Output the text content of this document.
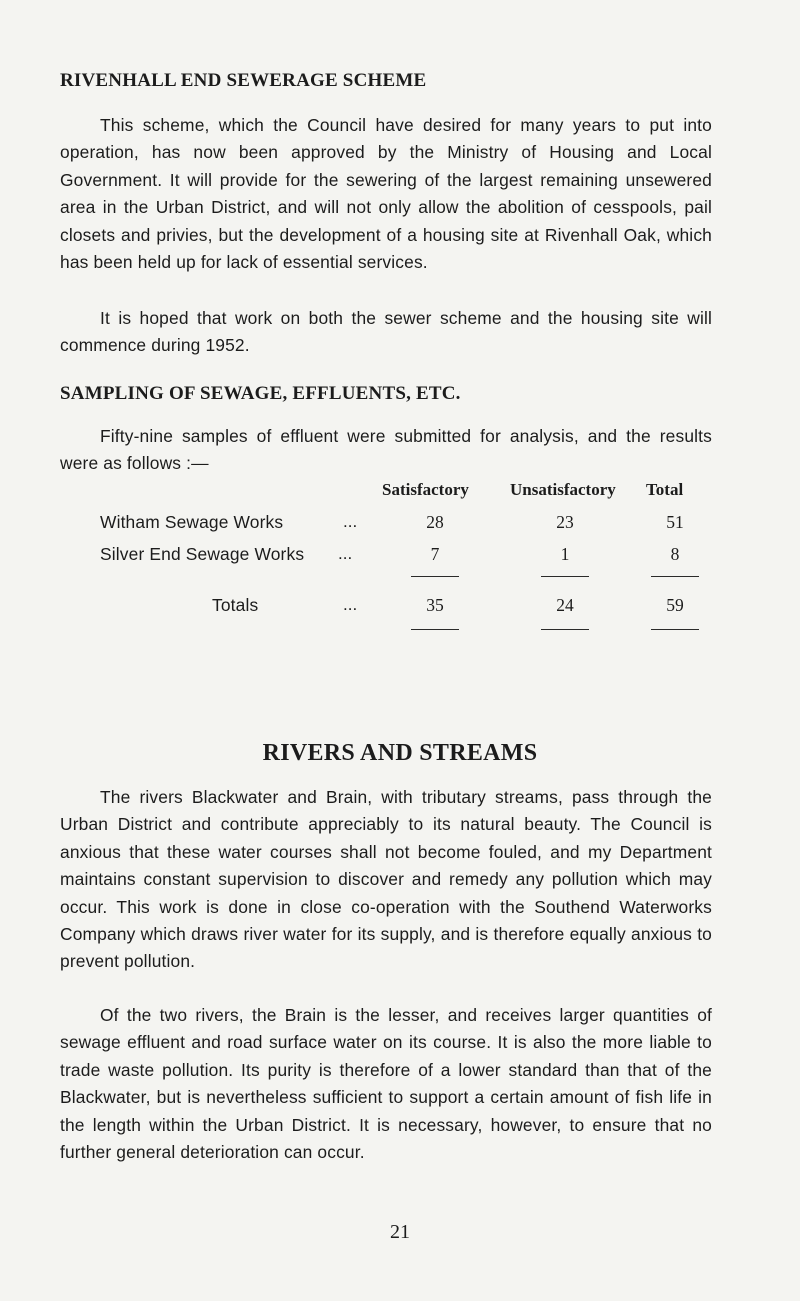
RIVENHALL END SEWERAGE SCHEME

This scheme, which the Council have desired for many years to put into operation, has now been approved by the Ministry of Housing and Local Government. It will provide for the sewering of the largest remaining unsewered area in the Urban District, and will not only allow the abolition of cesspools, pail closets and privies, but the development of a housing site at Rivenhall Oak, which has been held up for lack of essential services.

It is hoped that work on both the sewer scheme and the housing site will commence during 1952.

SAMPLING OF SEWAGE, EFFLUENTS, ETC.

Fifty-nine samples of effluent were submitted for analysis, and the results were as follows :—

Satisfactory Unsatisfactory Total
Witham Sewage Works	...	28	23	51
Silver End Sewage Works ...	7	1	8
Totals	...	35	24	59
RIVERS AND STREAMS

The rivers Blackwater and Brain, with tributary streams, pass through the Urban District and contribute appreciably to its natural beauty. The Council is anxious that these water courses shall not become fouled, and my Department maintains constant supervision to discover and remedy any pollution which may occur. This work is done in close co-operation with the Southend Waterworks Company which draws river water for its supply, and is therefore equally anxious to prevent pollution.

Of the two rivers, the Brain is the lesser, and receives larger quantities of sewage effluent and road surface water on its course. It is also the more liable to trade waste pollution. Its purity is therefore of a lower standard than that of the Blackwater, but is nevertheless sufficient to support a certain amount of fish life in the length within the Urban District. It is necessary, however, to ensure that no further general deterioration can occur.

21
